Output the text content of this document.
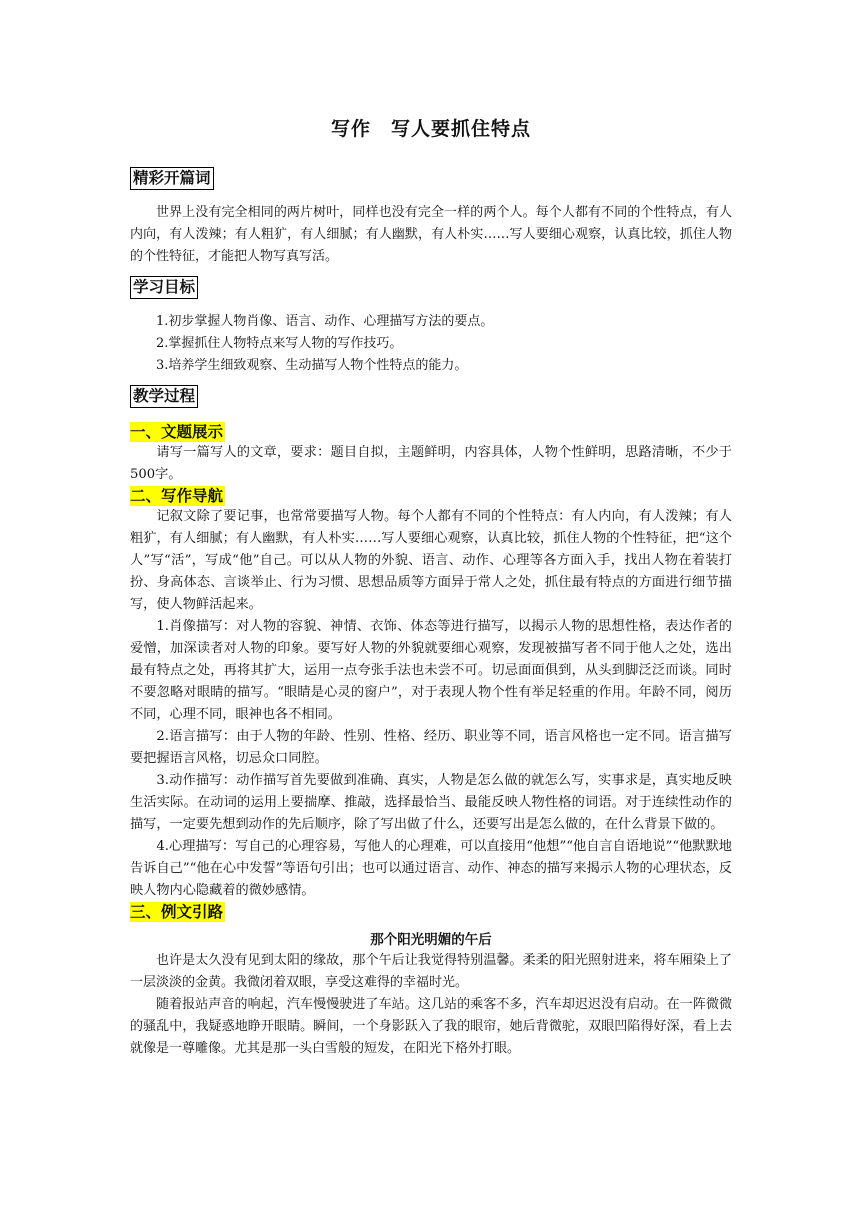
写作　写人要抓住特点
精彩开篇词

世界上没有完全相同的两片树叶，同样也没有完全一样的两个人。每个人都有不同的个性特点，有人内向，有人泼辣；有人粗犷，有人细腻；有人幽默，有人朴实……写人要细心观察，认真比较，抓住人物的个性特征，才能把人物写真写活。

学习目标
1.初步掌握人物肖像、语言、动作、心理描写方法的要点。
2.掌握抓住人物特点来写人物的写作技巧。
3.培养学生细致观察、生动描写人物个性特点的能力。
教学过程
一、文题展示

请写一篇写人的文章，要求：题目自拟，主题鲜明，内容具体，人物个性鲜明，思路清晰，不少于500字。

二、写作导航

记叙文除了要记事，也常常要描写人物。每个人都有不同的个性特点：有人内向，有人泼辣；有人粗犷，有人细腻；有人幽默，有人朴实……写人要细心观察，认真比较，抓住人物的个性特征，把“这个人”写“活”，写成“他”自己。可以从人物的外貌、语言、动作、心理等各方面入手，找出人物在着装打扮、身高体态、言谈举止、行为习惯、思想品质等方面异于常人之处，抓住最有特点的方面进行细节描写，使人物鲜活起来。

1.肖像描写：对人物的容貌、神情、衣饰、体态等进行描写，以揭示人物的思想性格，表达作者的爱憎，加深读者对人物的印象。要写好人物的外貌就要细心观察，发现被描写者不同于他人之处，选出最有特点之处，再将其扩大，运用一点夸张手法也未尝不可。切忌面面俱到，从头到脚泛泛而谈。同时不要忽略对眼睛的描写。“眼睛是心灵的窗户”，对于表现人物个性有举足轻重的作用。年龄不同，阅历不同，心理不同，眼神也各不相同。

2.语言描写：由于人物的年龄、性别、性格、经历、职业等不同，语言风格也一定不同。语言描写要把握语言风格，切忌众口同腔。

3.动作描写：动作描写首先要做到准确、真实，人物是怎么做的就怎么写，实事求是，真实地反映生活实际。在动词的运用上要揣摩、推敲，选择最恰当、最能反映人物性格的词语。对于连续性动作的描写，一定要先想到动作的先后顺序，除了写出做了什么，还要写出是怎么做的，在什么背景下做的。

4.心理描写：写自己的心理容易，写他人的心理难，可以直接用“他想”“他自言自语地说”“他默默地告诉自己”“他在心中发誓”等语句引出；也可以通过语言、动作、神态的描写来揭示人物的心理状态，反映人物内心隐藏着的微妙感情。

三、例文引路
那个阳光明媚的午后

也许是太久没有见到太阳的缘故，那个午后让我觉得特别温馨。柔柔的阳光照射进来，将车厢染上了一层淡淡的金黄。我微闭着双眼，享受这难得的幸福时光。

随着报站声音的响起，汽车慢慢驶进了车站。这几站的乘客不多，汽车却迟迟没有启动。在一阵微微的骚乱中，我疑惑地睁开眼睛。瞬间，一个身影跃入了我的眼帘，她后背微驼，双眼凹陷得好深，看上去就像是一尊雕像。尤其是那一头白雪般的短发，在阳光下格外打眼。
